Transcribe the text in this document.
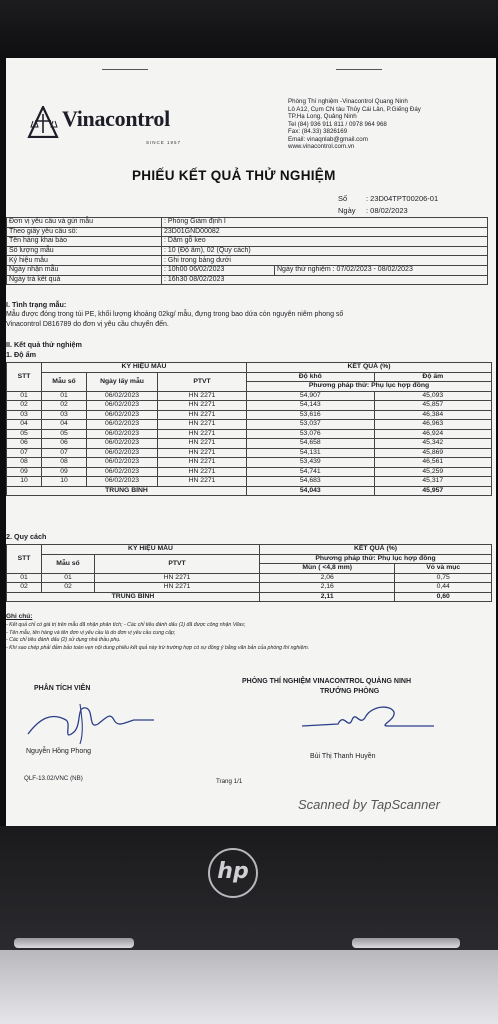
Vinacontrol
SINCE 1957
Phòng Thí nghiệm -Vinacontrol Quang Ninh
Lô A12, Cụm CN tàu Thủy Cái Lân, P.Giếng Đáy
TP.Hạ Long, Quảng Ninh
Tel (84) 936 911 811 / 0978 964 968
Fax: (84.33) 3826169
Email: vinaqnlab@gmail.com
www.vinacontrol.com.vn
PHIẾU KẾT QUẢ THỬ NGHIỆM
Số	: 23D04TPT00206-01
Ngày : 08/02/2023
Đơn vị yêu cầu và gửi mẫu	: Phòng Giám định I	
Theo giấy yêu cầu số:	23D01GND00082	
Tên hàng khai báo	: Dăm gỗ keo	
Số lượng mẫu	: 10 (Độ ẩm), 02 (Quy cách)	
Ký hiệu mẫu	: Ghi trong bảng dưới	
Ngày nhận mẫu	: 10h00 06/02/2023	Ngày thử nghiệm : 07/02/2023 - 08/02/2023
Ngày trả kết quả	: 16h30 08/02/2023	
I. Tình trạng mẫu:
Mẫu được đóng trong túi PE, khối lượng khoảng 02kg/ mẫu, đựng trong bao dứa còn nguyên niêm phong số
Vinacontrol D816789 do đơn vị yêu cầu chuyển đến.
II. Kết quả thử nghiệm
1. Độ ẩm
STT	KÝ HIỆU MẪU			KẾT QUẢ (%)	
	Mẫu số	Ngày lấy mẫu	PTVT	Độ khô	Độ ẩm
				Phương pháp thử: Phụ lục hợp đồng	
01	01	06/02/2023	HN 2271	54,907	45,093
02	02	06/02/2023	HN 2271	54,143	45,857
03	03	06/02/2023	HN 2271	53,616	46,384
04	04	06/02/2023	HN 2271	53,037	46,963
05	05	06/02/2023	HN 2271	53,076	46,924
06	06	06/02/2023	HN 2271	54,658	45,342
07	07	06/02/2023	HN 2271	54,131	45,869
08	08	06/02/2023	HN 2271	53,439	46,561
09	09	06/02/2023	HN 2271	54,741	45,259
10	10	06/02/2023	HN 2271	54,683	45,317
TRUNG BÌNH				54,043	45,957
2. Quy cách
STT	KÝ HIỆU MẪU		KẾT QUẢ (%)	
	Mẫu số	PTVT	Phương pháp thử: Phụ lục hợp đồng	
			Mùn ( <4,8 mm)	Vỏ và mục
01	01	HN 2271	2,06	0,75
02	02	HN 2271	2,16	0,44
TRUNG BÌNH			2,11	0,60
Ghi chú:
- Kết quả chỉ có giá trị trên mẫu đã nhận phân tích; - Các chỉ tiêu đánh dấu (1) đã được công nhận Vilas;
- Tên mẫu, tên hàng và tên đơn vị yêu cầu là do đơn vị yêu cầu cung cấp;
- Các chỉ tiêu đánh dấu (2) sử dụng nhà thầu phụ.
- Khi sao chép phải đảm bảo toàn vẹn nội dung phiếu kết quả này trừ trường hợp có sự đồng ý bằng văn bản của phòng thí nghiệm.
PHÂN TÍCH VIÊN
PHÒNG THÍ NGHIỆM VINACONTROL QUẢNG NINH
TRƯỞNG PHÒNG
Nguyễn Hồng Phong
Bùi Thị Thanh Huyền
QLF-13.02/VNC (NB)	Trang 1/1
Scanned by TapScanner
hp
